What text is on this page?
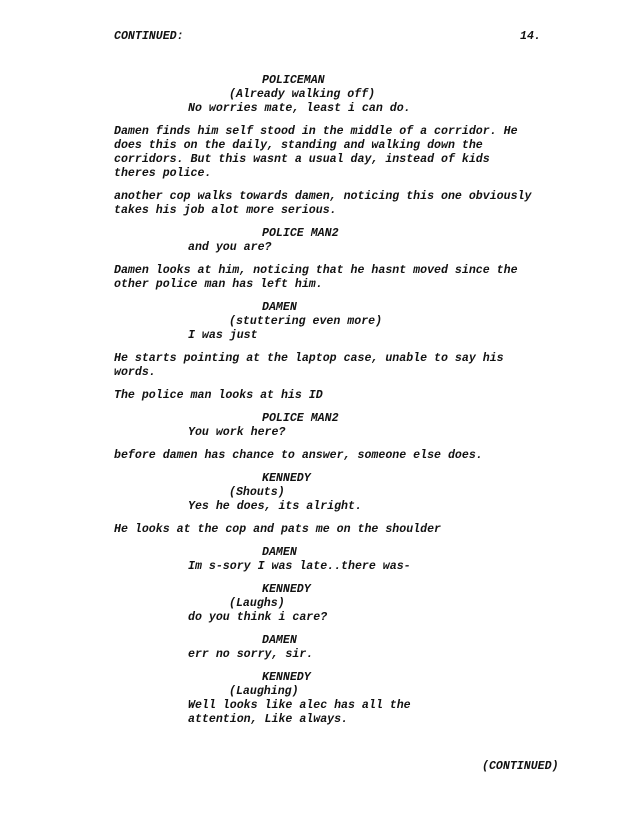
CONTINUED:	14.
POLICEMAN
(Already walking off)
No worries mate, least i can do.
Damen finds him self stood in the middle of a corridor. He
does this on the daily, standing and walking down the
corridors. But this wasnt a usual day, instead of kids
theres police.
another cop walks towards damen, noticing this one obviously
takes his job alot more serious.
POLICE MAN2
and you are?
Damen looks at him, noticing that he hasnt moved since the
other police man has left him.
DAMEN
(stuttering even more)
I was just
He starts pointing at the laptop case, unable to say his
words.
The police man looks at his ID
POLICE MAN2
You work here?
before damen has chance to answer, someone else does.
KENNEDY
(Shouts)
Yes he does, its alright.
He looks at the cop and pats me on the shoulder
DAMEN
Im s-sory I was late..there was-
KENNEDY
(Laughs)
do you think i care?
DAMEN
err no sorry, sir.
KENNEDY
(Laughing)
Well looks like alec has all the
attention, Like always.
(CONTINUED)
